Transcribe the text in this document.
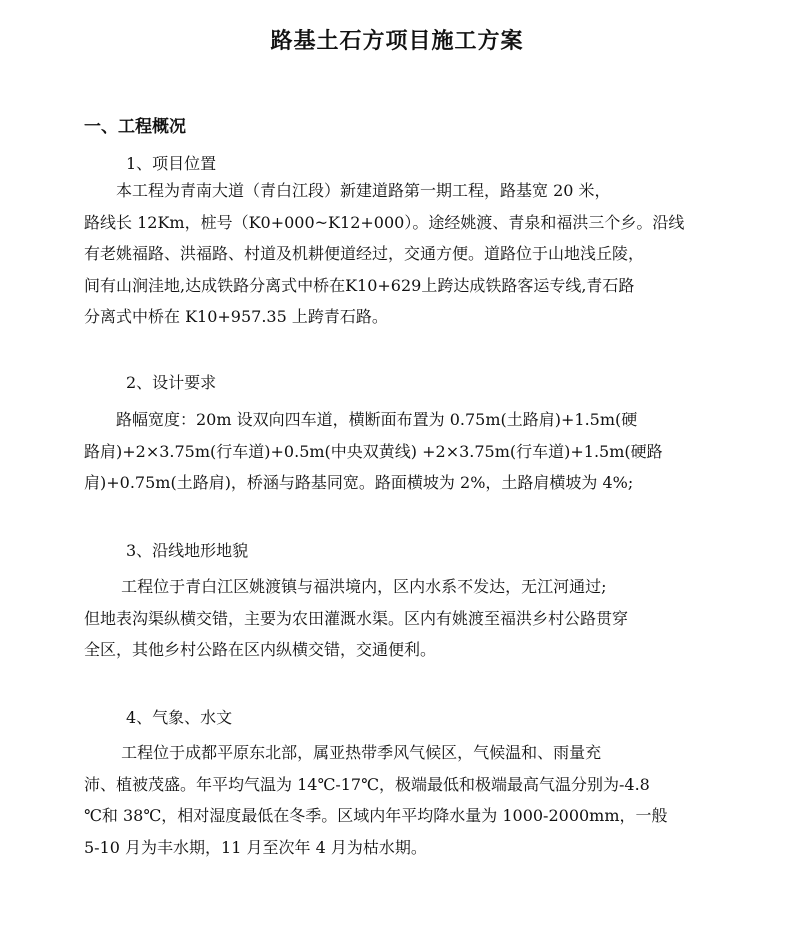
路基土石方项目施工方案
一、工程概况
1、项目位置

　　本工程为青南大道（青白江段）新建道路第一期工程，路基宽 20 米，
路线长 12Km，桩号（K0+000~K12+000）。途经姚渡、青泉和福洪三个乡。沿线
有老姚福路、洪福路、村道及机耕便道经过，交通方便。道路位于山地浅丘陵，
间有山涧洼地,达成铁路分离式中桥在K10+629上跨达成铁路客运专线,青石路
分离式中桥在 K10+957.35 上跨青石路。

2、设计要求

　　路幅宽度：20m 设双向四车道，横断面布置为 0.75m(土路肩)+1.5m(硬
路肩)+2×3.75m(行车道)+0.5m(中央双黄线) +2×3.75m(行车道)+1.5m(硬路
肩)+0.75m(土路肩)，桥涵与路基同宽。路面横坡为 2%，土路肩横坡为 4%;

3、沿线地形地貌

　　 工程位于青白江区姚渡镇与福洪境内，区内水系不发达，无江河通过;
但地表沟渠纵横交错，主要为农田灌溉水渠。区内有姚渡至福洪乡村公路贯穿
全区，其他乡村公路在区内纵横交错，交通便利。

4、气象、水文

　　 工程位于成都平原东北部，属亚热带季风气候区，气候温和、雨量充
沛、植被茂盛。年平均气温为 14℃-17℃，极端最低和极端最高气温分别为-4.8
℃和 38℃，相对湿度最低在冬季。区域内年平均降水量为 1000-2000mm，一般
5-10 月为丰水期，11 月至次年 4 月为枯水期。
